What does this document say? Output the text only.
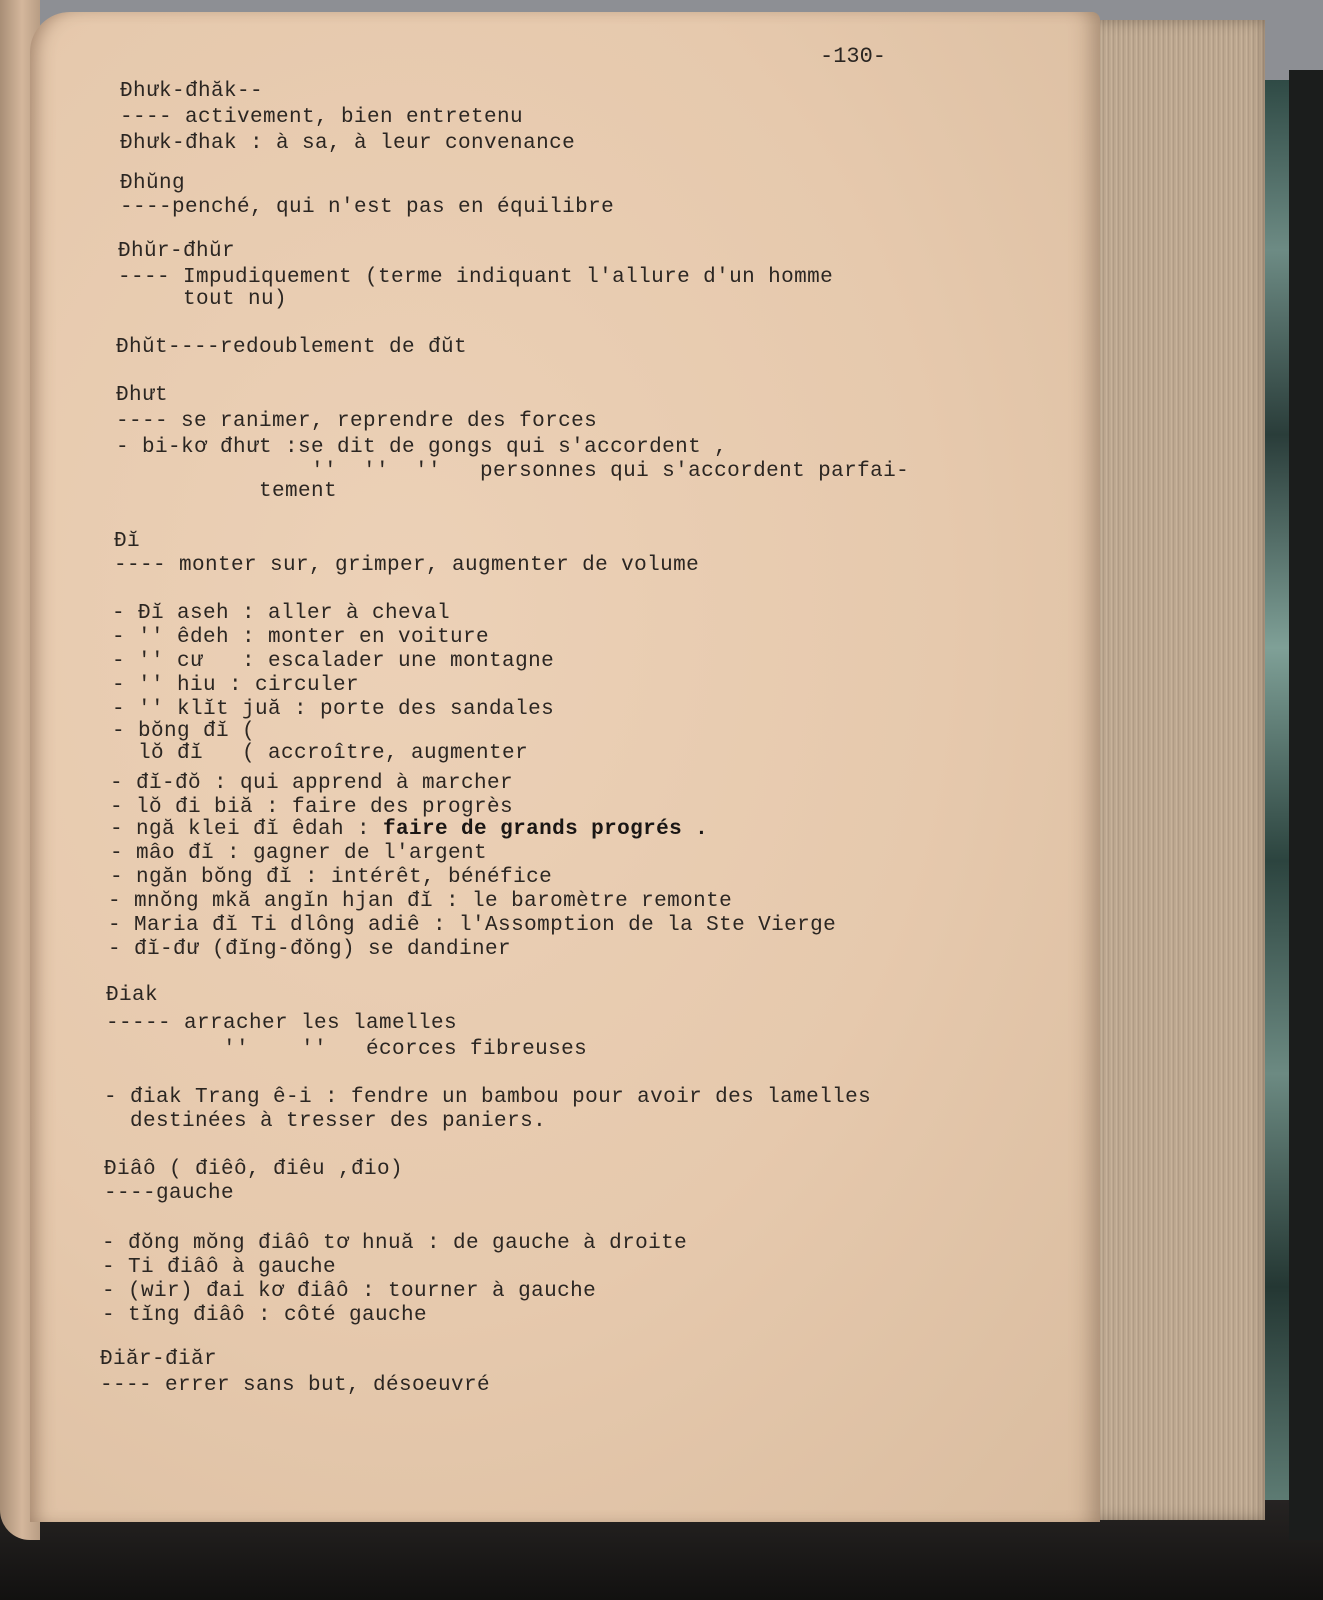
-130-
Đhưk-đhăk--
---- activement, bien entretenu
Đhưk-đhak : à sa, à leur convenance
Đhŭng
----penché, qui n'est pas en équilibre
Đhŭr-đhŭr
---- Impudiquement (terme indiquant l'allure d'un homme
tout nu)
Đhŭt----redoublement de đŭt
Đhưt
---- se ranimer, reprendre des forces
- bi-kơ đhưt :se dit de gongs qui s'accordent ,
''  ''  ''   personnes qui s'accordent parfai-
tement
Đĭ
---- monter sur, grimper, augmenter de volume
- Đĭ aseh : aller à cheval
- '' êdeh : monter en voiture
- '' cư   : escalader une montagne
- '' hiu : circuler
- '' klĭt juă : porte des sandales
- bŏng đĭ (
lŏ đĭ   ( accroître, augmenter
- đĭ-đŏ : qui apprend à marcher
- lŏ đi biă : faire des progrès
- ngă klei đĭ êdah : faire de grands progrés .
- mâo đĭ : gagner de l'argent
- ngăn bŏng đĭ : intérêt, bénéfice
- mnŏng mkă angĭn hjan đĭ : le baromètre remonte
- Maria đĭ Ti dlông adiê : l'Assomption de la Ste Vierge
- đĭ-đư (đĭng-đŏng) se dandiner
Điak
----- arracher les lamelles
''    ''   écorces fibreuses
- điak Trang ê-i : fendre un bambou pour avoir des lamelles
destinées à tresser des paniers.
Điâô ( điêô, điêu ,đio)
----gauche
- đŏng mŏng điâô tơ hnuă : de gauche à droite
- Ti điâô à gauche
- (wir) đai kơ điâô : tourner à gauche
- tĭng điâô : côté gauche
Điăr-điăr
---- errer sans but, désoeuvré
